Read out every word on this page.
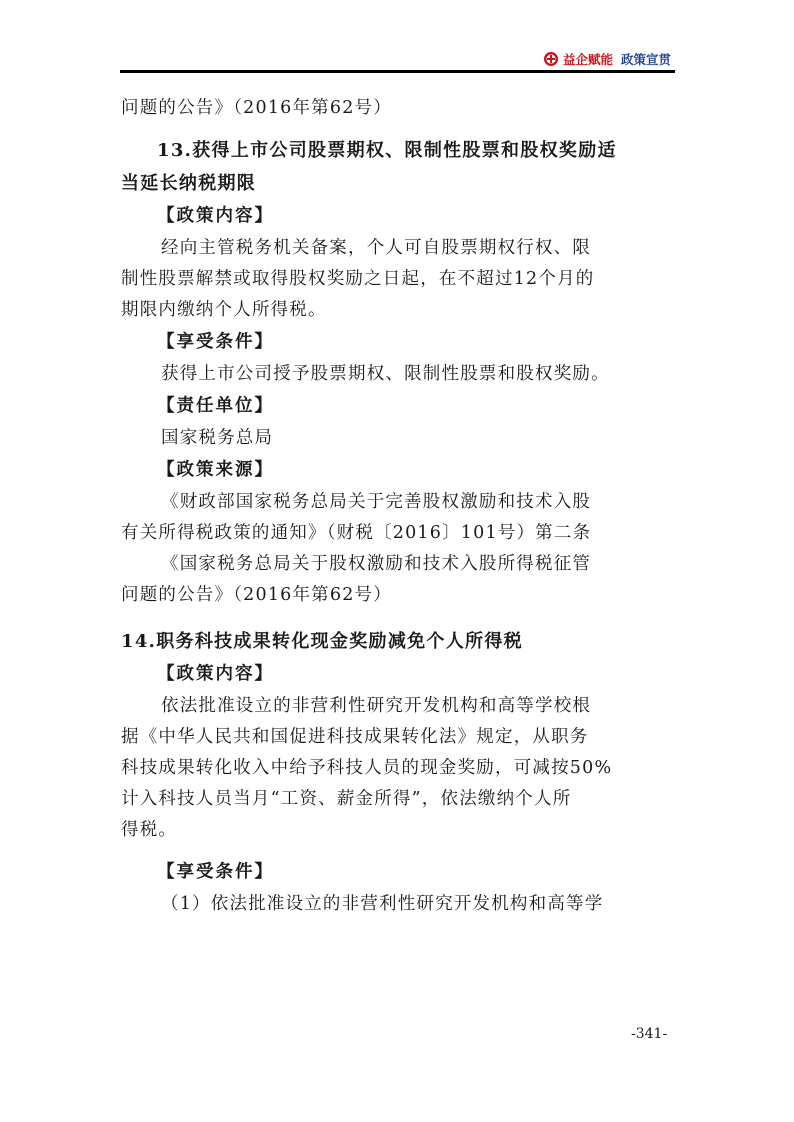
益企赋能 政策宣贯
问题的公告》（2016年第62号）
13.获得上市公司股票期权、限制性股票和股权奖励适
当延长纳税期限
【政策内容】
经向主管税务机关备案，个人可自股票期权行权、限
制性股票解禁或取得股权奖励之日起，在不超过12个月的
期限内缴纳个人所得税。
【享受条件】
获得上市公司授予股票期权、限制性股票和股权奖励。
【责任单位】
国家税务总局
【政策来源】
《财政部国家税务总局关于完善股权激励和技术入股
有关所得税政策的通知》（财税〔2016〕101号）第二条
《国家税务总局关于股权激励和技术入股所得税征管
问题的公告》（2016年第62号）
14.职务科技成果转化现金奖励减免个人所得税
【政策内容】
依法批准设立的非营利性研究开发机构和高等学校根
据《中华人民共和国促进科技成果转化法》规定，从职务
科技成果转化收入中给予科技人员的现金奖励，可减按50%
计入科技人员当月“工资、薪金所得”，依法缴纳个人所
得税。
【享受条件】
（1）依法批准设立的非营利性研究开发机构和高等学
-341-
